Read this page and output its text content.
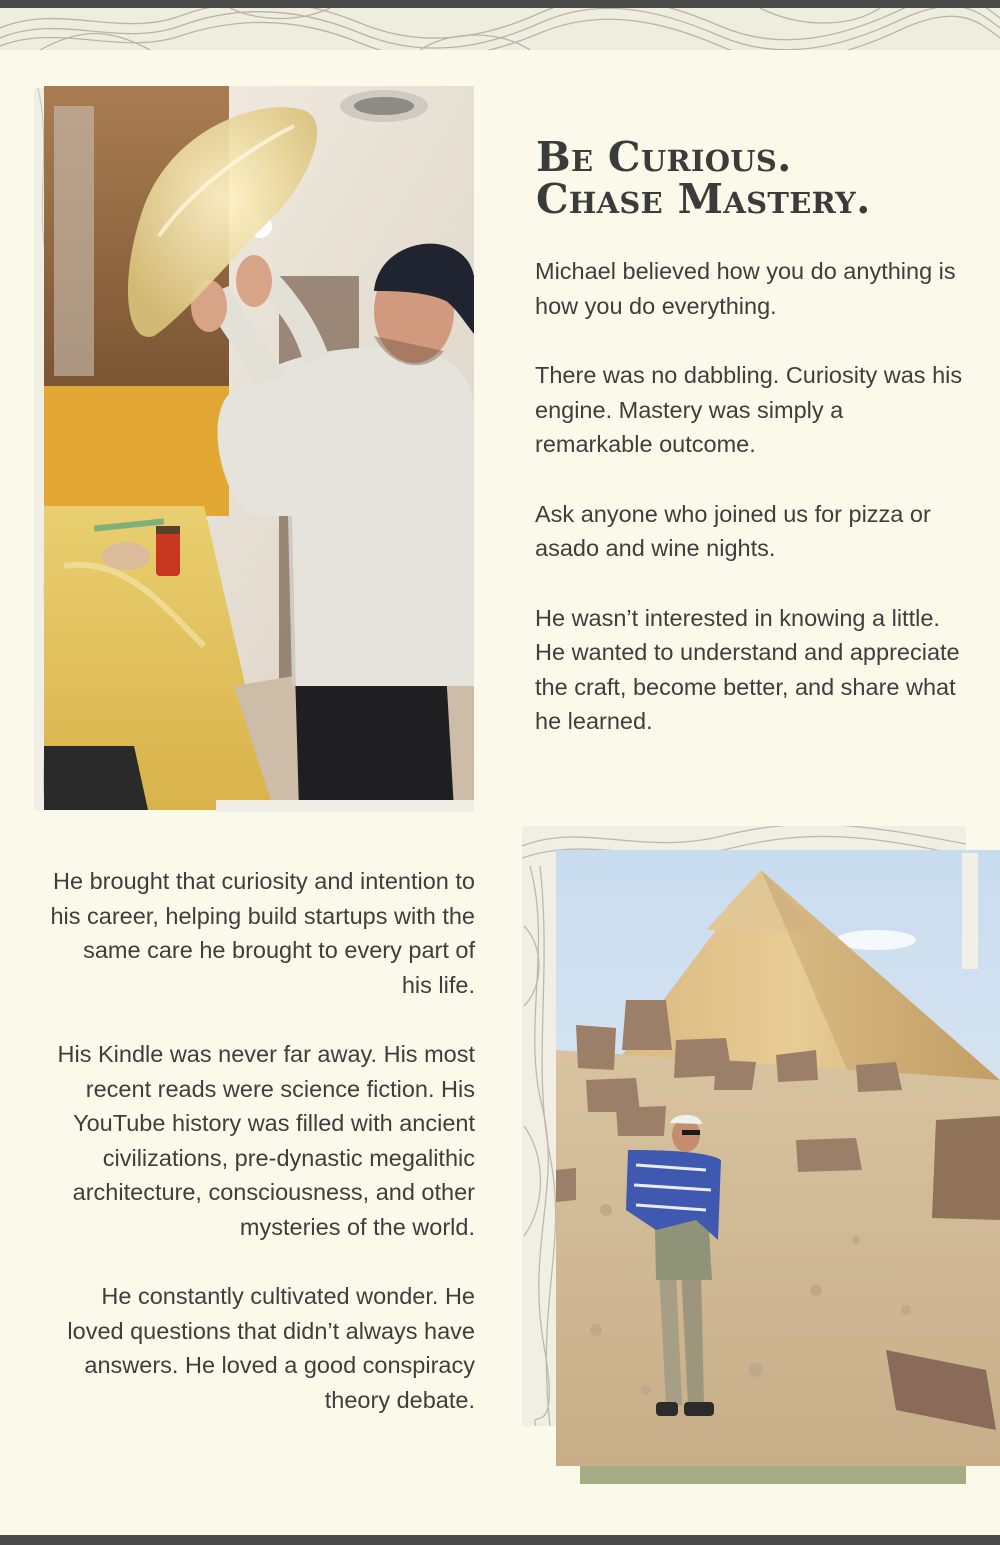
Be Curious.
Chase Mastery.

Michael believed how you do anything is how you do everything.

There was no dabbling. Curiosity was his engine. Mastery was simply a remarkable outcome.

Ask anyone who joined us for pizza or asado and wine nights.

He wasn’t interested in knowing a little. He wanted to understand and appreciate the craft, become better, and share what he learned.

He brought that curiosity and intention to his career, helping build startups with the same care he brought to every part of his life.

His Kindle was never far away. His most recent reads were science fiction. His YouTube history was filled with ancient civilizations, pre-dynastic megalithic architecture, consciousness, and other mysteries of the world.

He constantly cultivated wonder. He loved questions that didn’t always have answers. He loved a good conspiracy theory debate.
